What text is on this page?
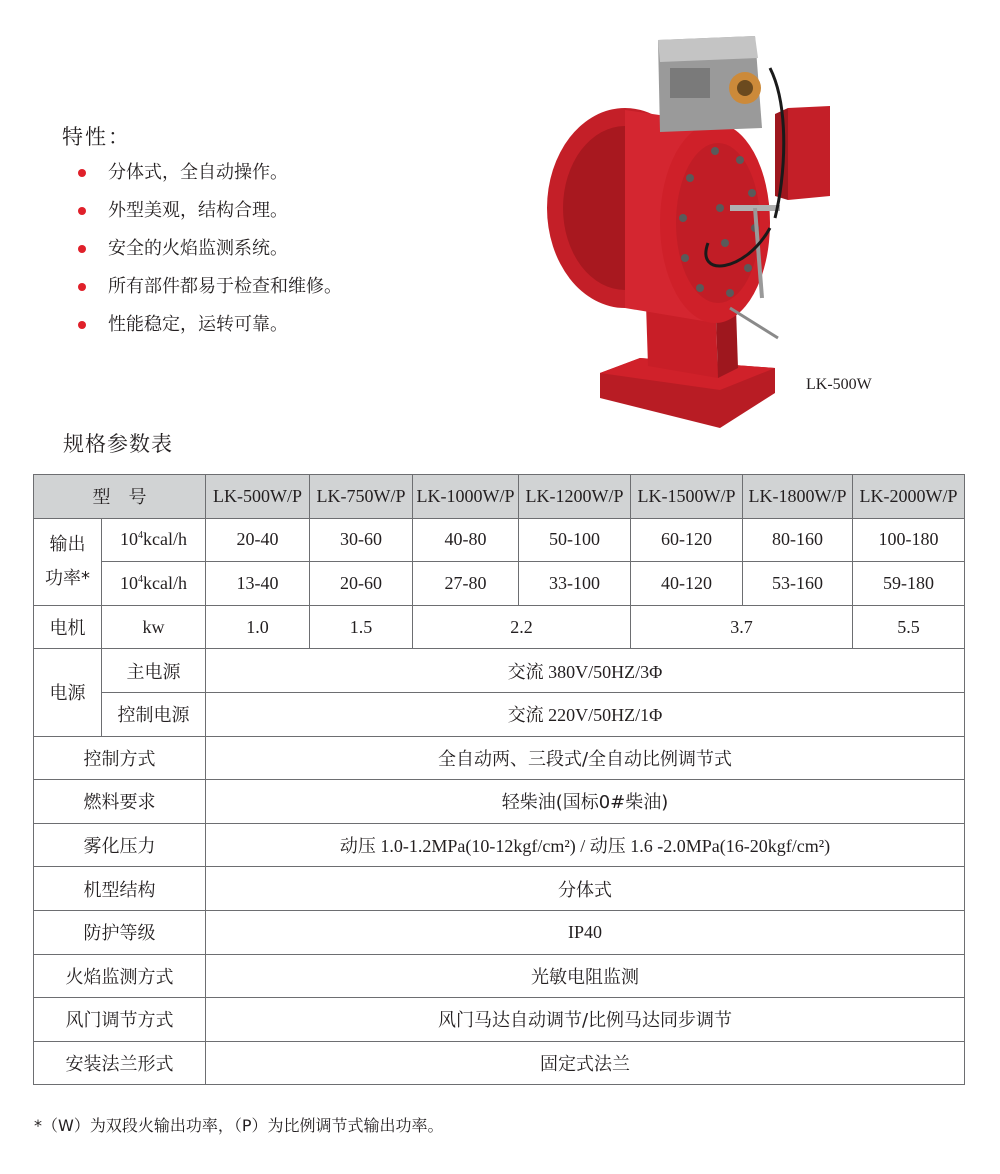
特性：
分体式，全自动操作。
外型美观，结构合理。
安全的火焰监测系统。
所有部件都易于检查和维修。
性能稳定，运转可靠。
LK-500W
规格参数表
型　号		LK-500W/P	LK-750W/P	LK-1000W/P	LK-1200W/P	LK-1500W/P	LK-1800W/P	LK-2000W/P
输出
功率*	$10^4kcal/h$	20-40	30-60	40-80	50-100	60-120	80-160	100-180
	$10^4kcal/h$	13-40	20-60	27-80	33-100	40-120	53-160	59-180
电机	kw	1.0	1.5	2.2		3.7		5.5
电源	主电源	交流 380V/50HZ/3Φ						
	控制电源	交流 220V/50HZ/1Φ						
控制方式		全自动两、三段式/全自动比例调节式						
燃料要求		轻柴油(国标0#柴油)						
雾化压力		动压 1.0-1.2MPa(10-12kgf/cm²) / 动压 1.6 -2.0MPa(16-20kgf/cm²)						
机型结构		分体式						
防护等级		IP40						
火焰监测方式		光敏电阻监测						
风门调节方式		风门马达自动调节/比例马达同步调节						
安装法兰形式		固定式法兰						
*（W）为双段火输出功率，（P）为比例调节式输出功率。
